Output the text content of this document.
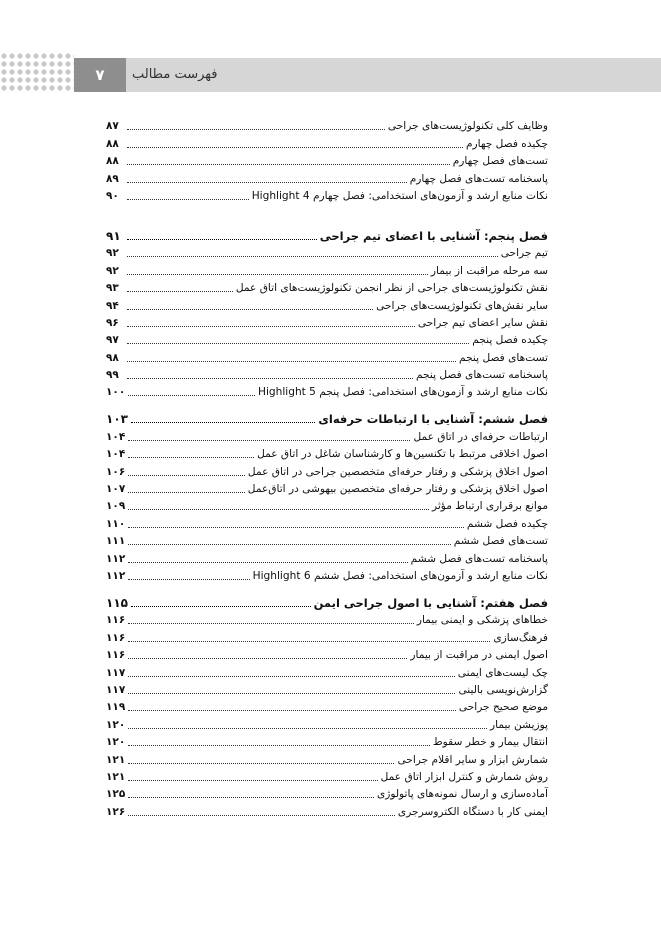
۷	فهرست مطالب
وظایف کلی تکنولوژیست‌های جراحی
۸۷
چکیده فصل چهارم
۸۸
تست‌های فصل چهارم
۸۸
پاسخنامه تست‌های فصل چهارم
۸۹
نکات منابع ارشد و آزمون‌های استخدامی: فصل چهارم Highlight 4
۹۰
فصل پنجم: آشنایی با اعضای تیم جراحی
۹۱
تیم جراحی
۹۲
سه مرحله مراقبت از بیمار
۹۲
نقش تکنولوژیست‌های جراحی از نظر انجمن تکنولوژیست‌های اتاق عمل
۹۳
سایر نقش‌های تکنولوژیست‌های جراحی
۹۴
نقش سایر اعضای تیم جراحی
۹۶
چکیده فصل پنجم
۹۷
تست‌های فصل پنجم
۹۸
پاسخنامه تست‌های فصل پنجم
۹۹
نکات منابع ارشد و آزمون‌های استخدامی: فصل پنجم Highlight 5
۱۰۰
فصل ششم: آشنایی با ارتباطات حرفه‌ای
۱۰۳
ارتباطات حرفه‌ای در اتاق عمل
۱۰۴
اصول اخلاقی مرتبط با تکنسین‌ها و کارشناسان شاغل در اتاق عمل
۱۰۴
اصول اخلاق پزشکی و رفتار حرفه‌ای متخصصین جراحی در اتاق عمل
۱۰۶
اصول اخلاق پزشکی و رفتار حرفه‌ای متخصصین بیهوشی در اتاق‌عمل
۱۰۷
موانع برقراری ارتباط مؤثر
۱۰۹
چکیده فصل ششم
۱۱۰
تست‌های فصل ششم
۱۱۱
پاسخنامه تست‌های فصل ششم
۱۱۲
نکات منابع ارشد و آزمون‌های استخدامی: فصل ششم Highlight 6
۱۱۲
فصل هفتم: آشنایی با اصول جراحی ایمن
۱۱۵
خطاهای پزشکی و ایمنی بیمار
۱۱۶
فرهنگ‌سازی
۱۱۶
اصول ایمنی در مراقبت از بیمار
۱۱۶
چک لیست‌های ایمنی
۱۱۷
گزارش‌نویسی بالینی
۱۱۷
موضع صحیح جراحی
۱۱۹
پوزیشن بیمار
۱۲۰
انتقال بیمار و خطر سقوط
۱۲۰
شمارش ابزار و سایر اقلام جراحی
۱۲۱
روش شمارش و کنترل ابزار اتاق عمل
۱۲۱
آماده‌سازی و ارسال نمونه‌های پاتولوژی
۱۲۵
ایمنی کار با دستگاه الکتروسرجری
۱۲۶
